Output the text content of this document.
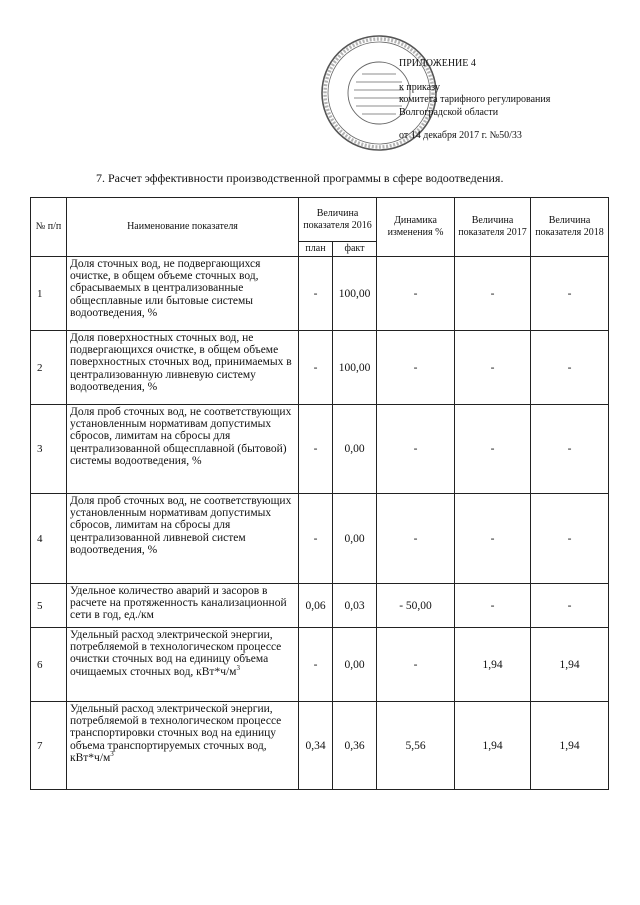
ПРИЛОЖЕНИЕ 4
к приказу
комитета тарифного регулирования
Волгоградской области
от 14 декабря 2017 г. №50/33
7. Расчет эффективности производственной программы в сфере водоотведения.
№ п/п	Наименование показателя	Величина показателя 2016		Динамика изменения %	Величина показателя 2017	Величина показателя 2018
		план	факт			
1	Доля сточных вод, не подвергающихся очистке, в общем объеме сточных вод, сбрасываемых в централизованные общесплавные или бытовые системы водоотведения, %	-	100,00	-	-	-
2	Доля поверхностных сточных вод, не подвергающихся очистке, в общем объеме поверхностных сточных вод, принимаемых в централизованную ливневую систему водоотведения, %	-	100,00	-	-	-
3	Доля проб сточных вод, не соответствующих установленным нормативам допустимых сбросов, лимитам на сбросы для централизованной общесплавной (бытовой) системы водоотведения, %	-	0,00	-	-	-
4	Доля проб сточных вод, не соответствующих установленным нормативам допустимых сбросов, лимитам на сбросы для централизованной ливневой систем водоотведения, %	-	0,00	-	-	-
5	Удельное количество аварий и засоров в расчете на протяженность канализационной сети в год, ед./км	0,06	0,03	- 50,00	-	-
6	Удельный расход электрической энергии, потребляемой в технологическом процессе очистки сточных вод на единицу объема очищаемых сточных вод, $кВт*ч/м^3$	-	0,00	-	1,94	1,94
7	Удельный расход электрической энергии, потребляемой в технологическом процессе транспортировки сточных вод на единицу объема транспортируемых сточных вод, $кВт*ч/м^3$	0,34	0,36	5,56	1,94	1,94
